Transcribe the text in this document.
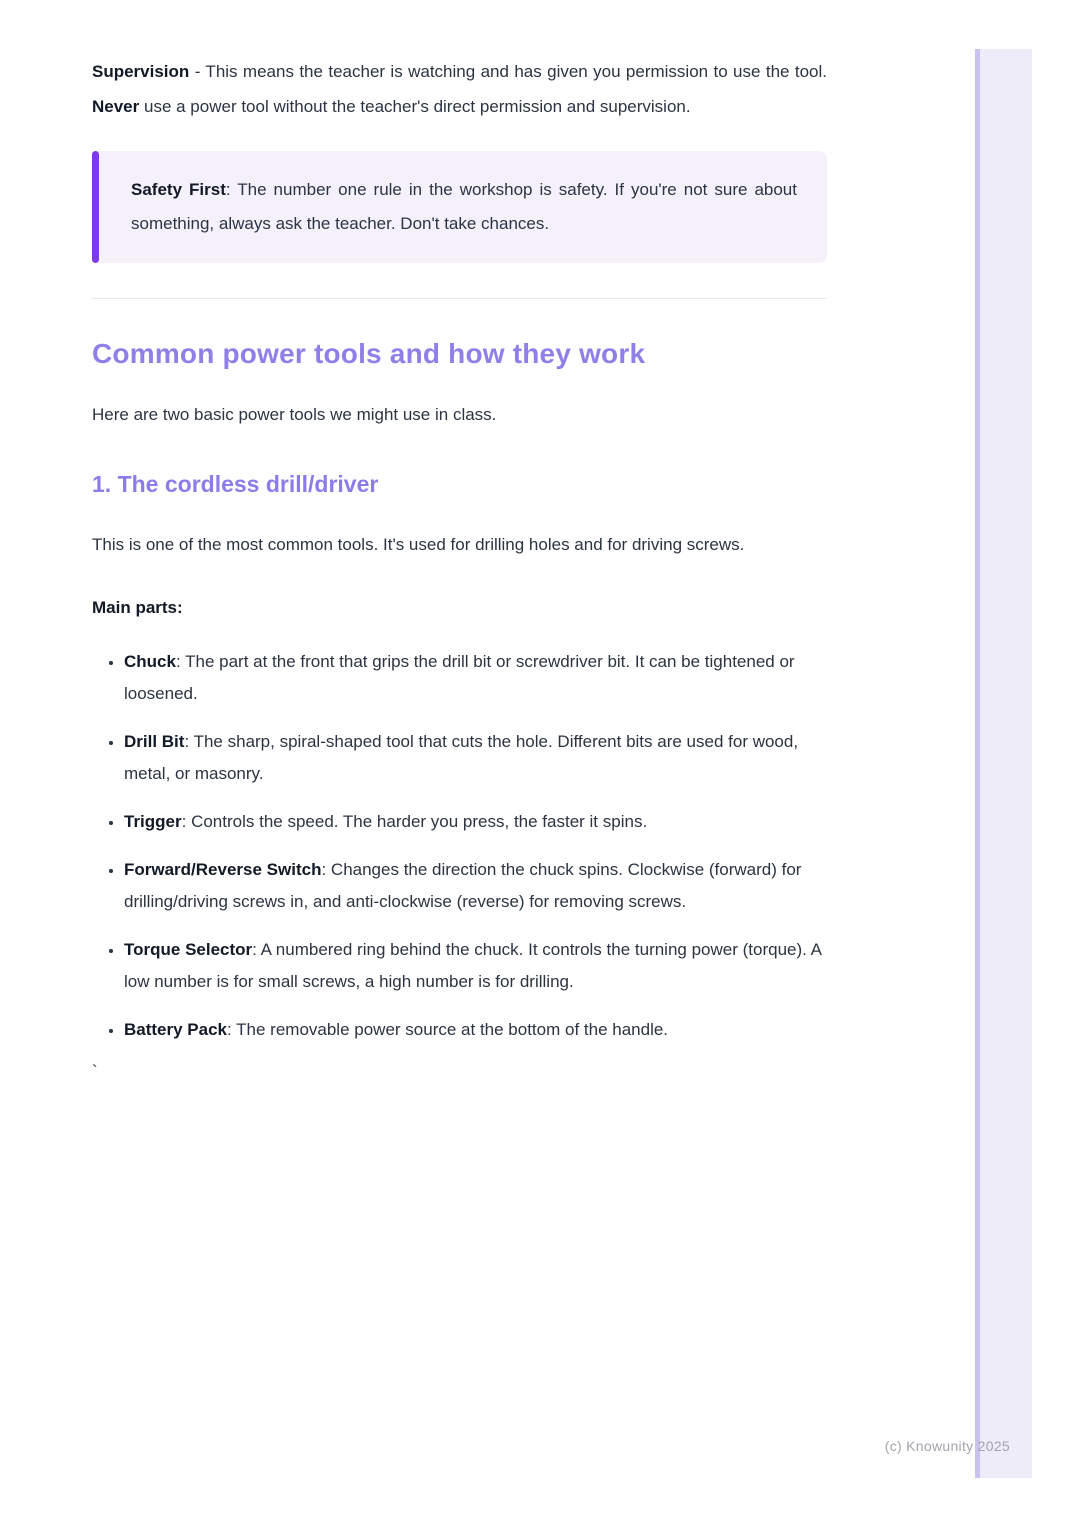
Supervision - This means the teacher is watching and has given you permission to use the tool. Never use a power tool without the teacher's direct permission and supervision.

Safety First: The number one rule in the workshop is safety. If you're not sure about something, always ask the teacher. Don't take chances.
Common power tools and how they work

Here are two basic power tools we might use in class.

1. The cordless drill/driver

This is one of the most common tools. It's used for drilling holes and for driving screws.

Main parts:

• Chuck: The part at the front that grips the drill bit or screwdriver bit. It can be tightened or loosened.
• Drill Bit: The sharp, spiral-shaped tool that cuts the hole. Different bits are used for wood, metal, or masonry.
• Trigger: Controls the speed. The harder you press, the faster it spins.
• Forward/Reverse Switch: Changes the direction the chuck spins. Clockwise (forward) for drilling/driving screws in, and anti-clockwise (reverse) for removing screws.
• Torque Selector: A numbered ring behind the chuck. It controls the turning power (torque). A low number is for small screws, a high number is for drilling.
• Battery Pack: The removable power source at the bottom of the handle.

`

(c) Knowunity 2025
